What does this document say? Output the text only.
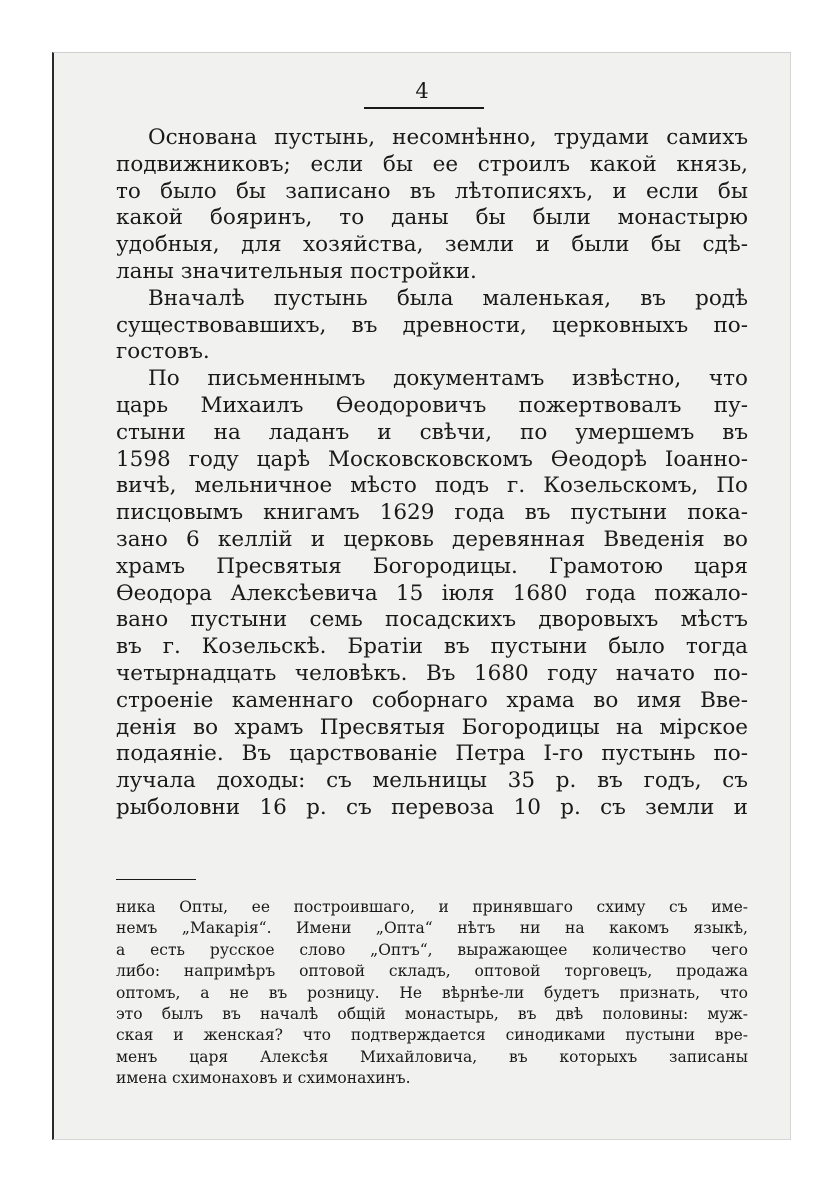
4
Основана пустынь, несомнѣнно, трудами самихъ
подвижниковъ; если бы ее строилъ какой князь,
то было бы записано въ лѣтописяхъ, и если бы
какой бояринъ, то даны бы были монастырю
удобныя, для хозяйства, земли и были бы сдѣ-
ланы значительныя постройки.
Вначалѣ пустынь была маленькая, въ родѣ
существовавшихъ, въ древности, церковныхъ по-
гостовъ.
По письменнымъ документамъ извѣстно, что
царь Михаилъ Ѳеодоровичъ пожертвовалъ пу-
стыни на ладанъ и свѣчи, по умершемъ въ
1598 году царѣ Московсковскомъ Ѳеодорѣ Іоанно-
вичѣ, мельничное мѣсто подъ г. Козельскомъ, По
писцовымъ книгамъ 1629 года въ пустыни пока-
зано 6 келлій и церковь деревянная Введенія во
храмъ Пресвятыя Богородицы. Грамотою царя
Ѳеодора Алексѣевича 15 іюля 1680 года пожало-
вано пустыни семь посадскихъ дворовыхъ мѣстъ
въ г. Козельскѣ. Братіи въ пустыни было тогда
четырнадцать человѣкъ. Въ 1680 году начато по-
строеніе каменнаго соборнаго храма во имя Вве-
денія во храмъ Пресвятыя Богородицы на мірское
подаяніе. Въ царствованіе Петра І-го пустынь по-
лучала доходы: съ мельницы 35 р. въ годъ, съ
рыболовни 16 р. съ перевоза 10 р. съ земли и
ника Опты, ее построившаго, и принявшаго схиму съ име-
немъ „Макарія“. Имени „Опта“ нѣтъ ни на какомъ языкѣ,
а есть русское слово „Оптъ“, выражающее количество чего
либо: напримѣръ оптовой складъ, оптовой торговецъ, продажа
оптомъ, а не въ розницу. Не вѣрнѣе-ли будетъ признать, что
это былъ въ началѣ общій монастырь, въ двѣ половины: муж-
ская и женская? что подтверждается синодиками пустыни вре-
менъ царя Алексѣя Михайловича, въ которыхъ записаны
имена схимонаховъ и схимонахинъ.
